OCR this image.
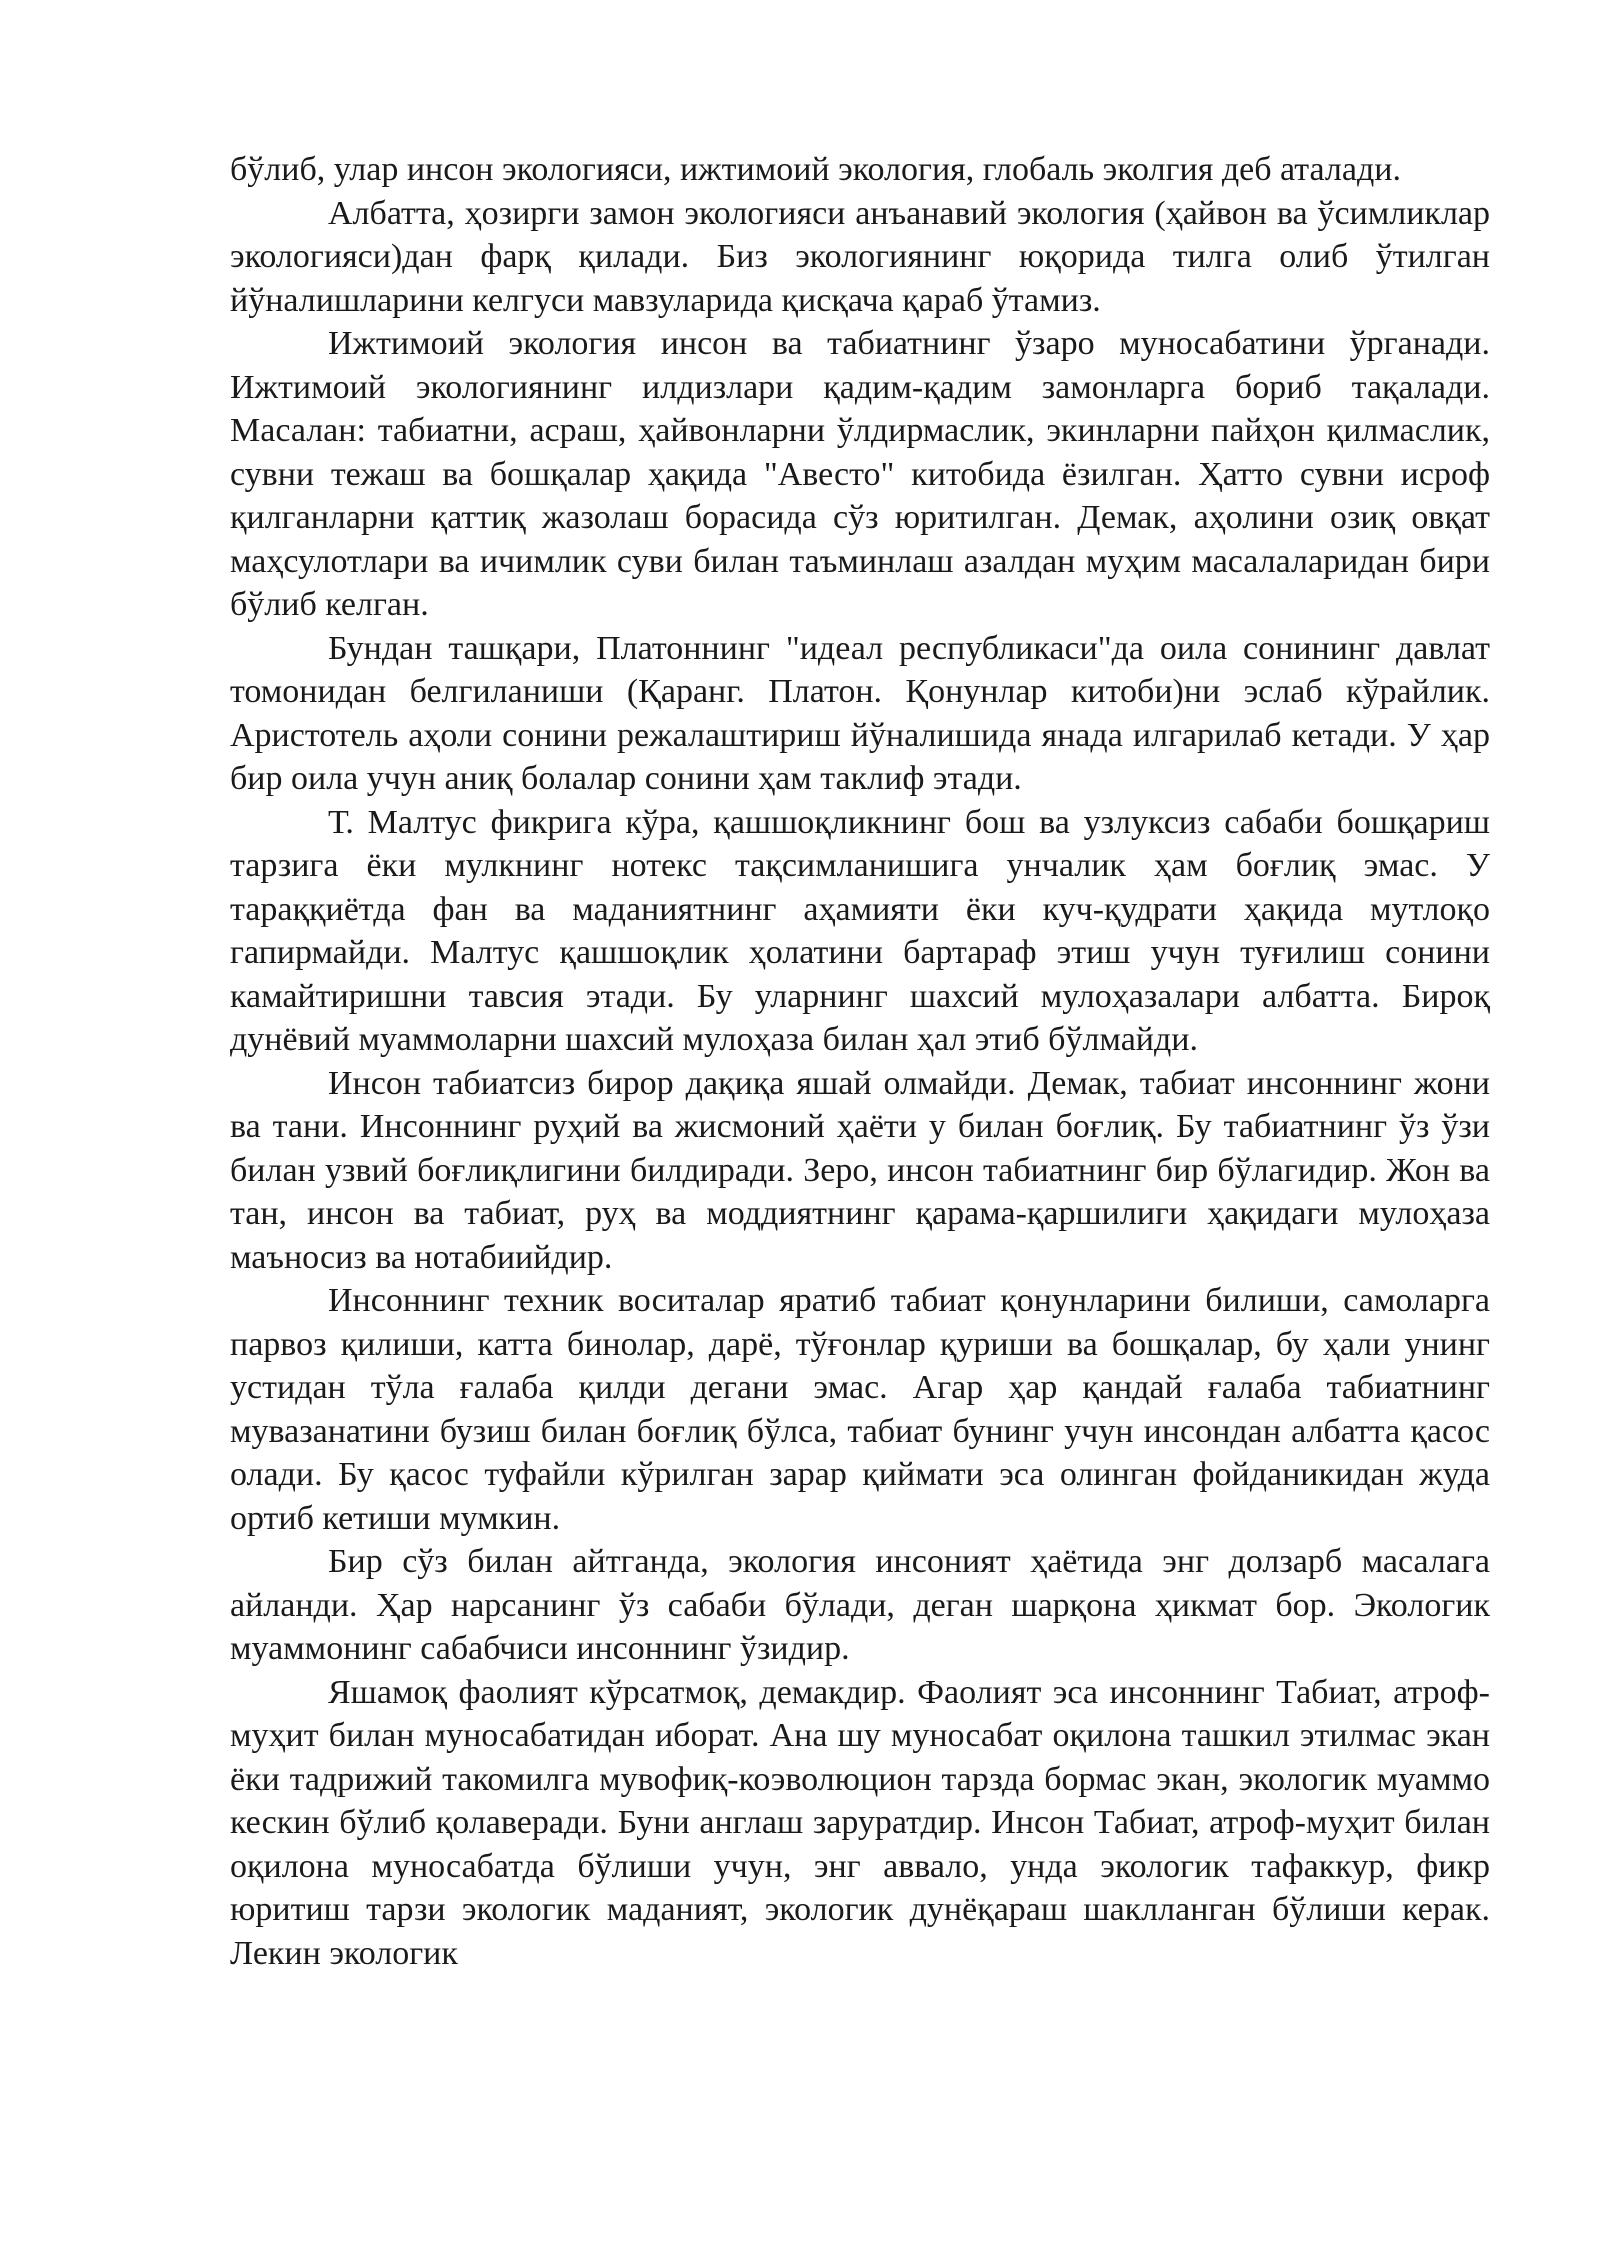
бўлиб, улар инсон экологияси, ижтимоий экология, глобаль эколгия деб аталади.

Албатта, ҳозирги замон экологияси анъанавий экология (ҳайвон ва ўсимликлар экологияси)дан фарқ қилади. Биз экологиянинг юқорида тилга олиб ўтилган йўналишларини келгуси мавзуларида қисқача қараб ўтамиз.

Ижтимоий экология инсон ва табиатнинг ўзаро муносабатини ўрганади. Ижтимоий экологиянинг илдизлари қадим-қадим замонларга бориб тақалади. Масалан: табиатни, асраш, ҳайвонларни ўлдирмаслик, экинларни пайҳон қилмаслик, сувни тежаш ва бошқалар ҳақида "Авесто" китобида ёзилган. Ҳатто сувни исроф қилганларни қаттиқ жазолаш борасида сўз юритилган. Демак, аҳолини озиқ овқат маҳсулотлари ва ичимлик суви билан таъминлаш азалдан муҳим масалаларидан бири бўлиб келган.

Бундан ташқари, Платоннинг "идеал республикаси"да оила сонининг давлат томонидан белгиланиши (Қаранг. Платон. Қонунлар китоби)ни эслаб кўрайлик. Аристотель аҳоли сонини режалаштириш йўналишида янада илгарилаб кетади. У ҳар бир оила учун аниқ болалар сонини ҳам таклиф этади.

Т. Малтус фикрига кўра, қашшоқликнинг бош ва узлуксиз сабаби бошқариш тарзига ёки мулкнинг нотекс тақсимланишига унчалик ҳам боғлиқ эмас. У тараққиётда фан ва маданиятнинг аҳамияти ёки куч-қудрати ҳақида мутлоқо гапирмайди. Малтус қашшоқлик ҳолатини бартараф этиш учун туғилиш сонини камайтиришни тавсия этади. Бу уларнинг шахсий мулоҳазалари албатта. Бироқ дунёвий муаммоларни шахсий мулоҳаза билан ҳал этиб бўлмайди.

Инсон табиатсиз бирор дақиқа яшай олмайди. Демак, табиат инсоннинг жони ва тани. Инсоннинг руҳий ва жисмоний ҳаёти у билан боғлиқ. Бу табиатнинг ўз ўзи билан узвий боғлиқлигини билдиради. Зеро, инсон табиатнинг бир бўлагидир. Жон ва тан, инсон ва табиат, руҳ ва моддиятнинг қарама-қаршилиги ҳақидаги мулоҳаза маъносиз ва нотабиийдир.

Инсоннинг техник воситалар яратиб табиат қонунларини билиши, самоларга парвоз қилиши, катта бинолар, дарё, тўғонлар қуриши ва бошқалар, бу ҳали унинг устидан тўла ғалаба қилди дегани эмас. Агар ҳар қандай ғалаба табиатнинг мувазанатини бузиш билан боғлиқ бўлса, табиат бунинг учун инсондан албатта қасос олади. Бу қасос туфайли кўрилган зарар қиймати эса олинган фойданикидан жуда ортиб кетиши мумкин.

Бир сўз билан айтганда, экология инсоният ҳаётида энг долзарб масалага айланди. Ҳар нарсанинг ўз сабаби бўлади, деган шарқона ҳикмат бор. Экологик муаммонинг сабабчиси инсоннинг ўзидир.

Яшамоқ фаолият кўрсатмоқ, демакдир. Фаолият эса инсоннинг Табиат, атроф-муҳит билан муносабатидан иборат. Ана шу муносабат оқилона ташкил этилмас экан ёки тадрижий такомилга мувофиқ-коэволюцион тарзда бормас экан, экологик муаммо кескин бўлиб қолаверади. Буни англаш зарурат​дир. Инсон Табиат, атроф-муҳит билан оқилона муносабатда бўлиши учун, энг аввало, унда экологик тафаккур, фикр юритиш тарзи экологик маданият, экологик дунёқараш шаклланган бўлиши керак. Лекин экологик
